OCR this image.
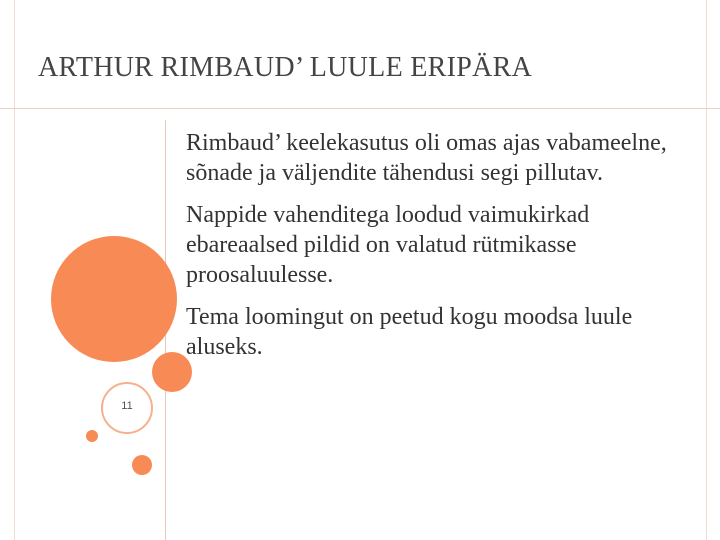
ARTHUR RIMBAUD’ LUULE ERIPÄRA
11
Rimbaud’ keelekasutus oli omas ajas vabameelne, sõnade ja väljendite tähendusi segi pillutav.
Nappide vahenditega loodud vaimukirkad ebareaalsed pildid on valatud rütmikasse proosaluulesse.
Tema loomingut on peetud kogu moodsa luule aluseks.
